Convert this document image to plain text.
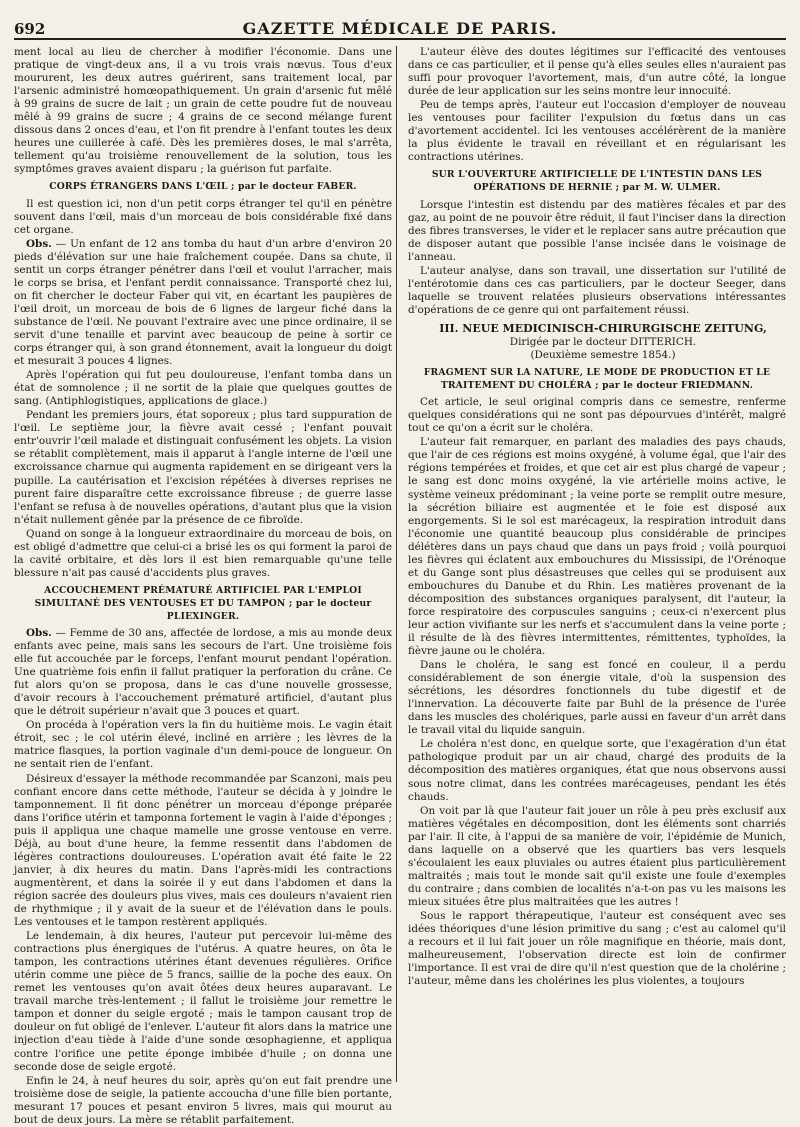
692	GAZETTE MÉDICALE DE PARIS.

ment local au lieu de chercher à modifier l'économie. Dans une pratique de vingt-deux ans, il a vu trois vrais nœvus. Tous d'eux moururent, les deux autres guérirent, sans traitement local, par l'arsenic administré homœopathiquement. Un grain d'arsenic fut mêlé à 99 grains de sucre de lait ; un grain de cette poudre fut de nouveau mêlé à 99 grains de sucre ; 4 grains de ce second mélange furent dissous dans 2 onces d'eau, et l'on fit prendre à l'enfant toutes les deux heures une cuillerée à café. Dès les premières doses, le mal s'arrêta, tellement qu'au troisième renouvellement de la solution, tous les symptômes graves avaient disparu ; la guérison fut parfaite.

CORPS ÉTRANGERS DANS L'ŒIL ; par le docteur FABER.

Il est question ici, non d'un petit corps étranger tel qu'il en pénètre souvent dans l'œil, mais d'un morceau de bois considérable fixé dans cet organe.

Obs. — Un enfant de 12 ans tomba du haut d'un arbre d'environ 20 pieds d'élévation sur une haie fraîchement coupée. Dans sa chute, il sentit un corps étranger pénétrer dans l'œil et voulut l'arracher, mais le corps se brisa, et l'enfant perdit connaissance. Transporté chez lui, on fit chercher le docteur Faber qui vit, en écartant les paupières de l'œil droit, un morceau de bois de 6 lignes de largeur fiché dans la substance de l'œil. Ne pouvant l'extraire avec une pince ordinaire, il se servit d'une tenaille et parvint avec beaucoup de peine à sortir ce corps étranger qui, à son grand étonnement, avait la longueur du doigt et mesurait 3 pouces 4 lignes.

Après l'opération qui fut peu douloureuse, l'enfant tomba dans un état de somnolence ; il ne sortit de la plaie que quelques gouttes de sang. (Antiphlogistiques, applications de glace.)

Pendant les premiers jours, état soporeux ; plus tard suppuration de l'œil. Le septième jour, la fièvre avait cessé ; l'enfant pouvait entr'ouvrir l'œil malade et distinguait confusément les objets. La vision se rétablit complètement, mais il apparut à l'angle interne de l'œil une excroissance charnue qui augmenta rapidement en se dirigeant vers la pupille. La cautérisation et l'excision répétées à diverses reprises ne purent faire disparaître cette excroissance fibreuse ; de guerre lasse l'enfant se refusa à de nouvelles opérations, d'autant plus que la vision n'était nullement gênée par la présence de ce fibroïde.

Quand on songe à la longueur extraordinaire du morceau de bois, on est obligé d'admettre que celui-ci a brisé les os qui forment la paroi de la cavité orbitaire, et dès lors il est bien remarquable qu'une telle blessure n'ait pas causé d'accidents plus graves.

ACCOUCHEMENT PRÉMATURÉ ARTIFICIEL PAR L'EMPLOI SIMULTANÉ DES VENTOUSES ET DU TAMPON ; par le docteur PLIEXINGER.

Obs. — Femme de 30 ans, affectée de lordose, a mis au monde deux enfants avec peine, mais sans les secours de l'art. Une troisième fois elle fut accouchée par le forceps, l'enfant mourut pendant l'opération. Une quatrième fois enfin il fallut pratiquer la perforation du crâne. Ce fut alors qu'on se proposa, dans le cas d'une nouvelle grossesse, d'avoir recours à l'accouchement prématuré artificiel, d'autant plus que le détroit supérieur n'avait que 3 pouces et quart.

On procéda à l'opération vers la fin du huitième mois. Le vagin était étroit, sec ; le col utérin élevé, incliné en arrière ; les lèvres de la matrice flasques, la portion vaginale d'un demi-pouce de longueur. On ne sentait rien de l'enfant.

Désireux d'essayer la méthode recommandée par Scanzoni, mais peu confiant encore dans cette méthode, l'auteur se décida à y joindre le tamponnement. Il fit donc pénétrer un morceau d'éponge préparée dans l'orifice utérin et tamponna fortement le vagin à l'aide d'éponges ; puis il appliqua une chaque mamelle une grosse ventouse en verre. Déjà, au bout d'une heure, la femme ressentit dans l'abdomen de légères contractions douloureuses. L'opération avait été faite le 22 janvier, à dix heures du matin. Dans l'après-midi les contractions augmentèrent, et dans la soirée il y eut dans l'abdomen et dans la région sacrée des douleurs plus vives, mais ces douleurs n'avaient rien de rhythmique ; il y avait de la sueur et de l'élévation dans le pouls. Les ventouses et le tampon restèrent appliqués.

Le lendemain, à dix heures, l'auteur put percevoir lui-même des contractions plus énergiques de l'utérus. A quatre heures, on ôta le tampon, les contractions utérines étant devenues régulières. Orifice utérin comme une pièce de 5 francs, saillie de la poche des eaux. On remet les ventouses qu'on avait ôtées deux heures auparavant. Le travail marche très-lentement ; il fallut le troisième jour remettre le tampon et donner du seigle ergoté ; mais le tampon causant trop de douleur on fut obligé de l'enlever. L'auteur fit alors dans la matrice une injection d'eau tiède à l'aide d'une sonde œsophagienne, et appliqua contre l'orifice une petite éponge imbibée d'huile ; on donna une seconde dose de seigle ergoté.

Enfin le 24, à neuf heures du soir, après qu'on eut fait prendre une troisième dose de seigle, la patiente accoucha d'une fille bien portante, mesurant 17 pouces et pesant environ 5 livres, mais qui mourut au bout de deux jours. La mère se rétablit parfaitement.

L'auteur élève des doutes légitimes sur l'efficacité des ventouses dans ce cas particulier, et il pense qu'à elles seules elles n'auraient pas suffi pour provoquer l'avortement, mais, d'un autre côté, la longue durée de leur application sur les seins montre leur innocuité.

Peu de temps après, l'auteur eut l'occasion d'employer de nouveau les ventouses pour faciliter l'expulsion du fœtus dans un cas d'avortement accidentel. Ici les ventouses accélérèrent de la manière la plus évidente le travail en réveillant et en régularisant les contractions utérines.

SUR L'OUVERTURE ARTIFICIELLE DE L'INTESTIN DANS LES OPÉRATIONS DE HERNIE ; par M. W. ULMER.

Lorsque l'intestin est distendu par des matières fécales et par des gaz, au point de ne pouvoir être réduit, il faut l'inciser dans la direction des fibres transverses, le vider et le replacer sans autre précaution que de disposer autant que possible l'anse incisée dans le voisinage de l'anneau.

L'auteur analyse, dans son travail, une dissertation sur l'utilité de l'entérotomie dans ces cas particuliers, par le docteur Seeger, dans laquelle se trouvent relatées plusieurs observations intéressantes d'opérations de ce genre qui ont parfaitement réussi.

III. NEUE MEDICINISCH-CHIRURGISCHE ZEITUNG,

Dirigée par le docteur DITTERICH.

(Deuxième semestre 1854.)

FRAGMENT SUR LA NATURE, LE MODE DE PRODUCTION ET LE TRAITEMENT DU CHOLÉRA ; par le docteur FRIEDMANN.

Cet article, le seul original compris dans ce semestre, renferme quelques considérations qui ne sont pas dépourvues d'intérêt, malgré tout ce qu'on a écrit sur le choléra.

L'auteur fait remarquer, en parlant des maladies des pays chauds, que l'air de ces régions est moins oxygéné, à volume égal, que l'air des régions tempérées et froides, et que cet air est plus chargé de vapeur ; le sang est donc moins oxygéné, la vie artérielle moins active, le système veineux prédominant ; la veine porte se remplit outre mesure, la sécrétion biliaire est augmentée et le foie est disposé aux engorgements. Si le sol est marécageux, la respiration introduit dans l'économie une quantité beaucoup plus considérable de principes délétères dans un pays chaud que dans un pays froid ; voilà pourquoi les fièvres qui éclatent aux embouchures du Mississipi, de l'Orénoque et du Gange sont plus désastreuses que celles qui se produisent aux embouchures du Danube et du Rhin. Les matières provenant de la décomposition des substances organiques paralysent, dit l'auteur, la force respiratoire des corpuscules sanguins ; ceux-ci n'exercent plus leur action vivifiante sur les nerfs et s'accumulent dans la veine porte ; il résulte de là des fièvres intermittentes, rémittentes, typhoïdes, la fièvre jaune ou le choléra.

Dans le choléra, le sang est foncé en couleur, il a perdu considérablement de son énergie vitale, d'où la suspension des sécrétions, les désordres fonctionnels du tube digestif et de l'innervation. La découverte faite par Buhl de la présence de l'urée dans les muscles des cholériques, parle aussi en faveur d'un arrêt dans le travail vital du liquide sanguin.

Le choléra n'est donc, en quelque sorte, que l'exagération d'un état pathologique produit par un air chaud, chargé des produits de la décomposition des matières organiques, état que nous observons aussi sous notre climat, dans les contrées marécageuses, pendant les étés chauds.

On voit par là que l'auteur fait jouer un rôle à peu près exclusif aux matières végétales en décomposition, dont les éléments sont charriés par l'air. Il cite, à l'appui de sa manière de voir, l'épidémie de Munich, dans laquelle on a observé que les quartiers bas vers lesquels s'écoulaient les eaux pluviales ou autres étaient plus particulièrement maltraités ; mais tout le monde sait qu'il existe une foule d'exemples du contraire ; dans combien de localités n'a-t-on pas vu les maisons les mieux situées être plus maltraitées que les autres !

Sous le rapport thérapeutique, l'auteur est conséquent avec ses idées théoriques d'une lésion primitive du sang ; c'est au calomel qu'il a recours et il lui fait jouer un rôle magnifique en théorie, mais dont, malheureusement, l'observation directe est loin de confirmer l'importance. Il est vrai de dire qu'il n'est question que de la cholérine ; l'auteur, même dans les cholérines les plus violentes, a toujours
